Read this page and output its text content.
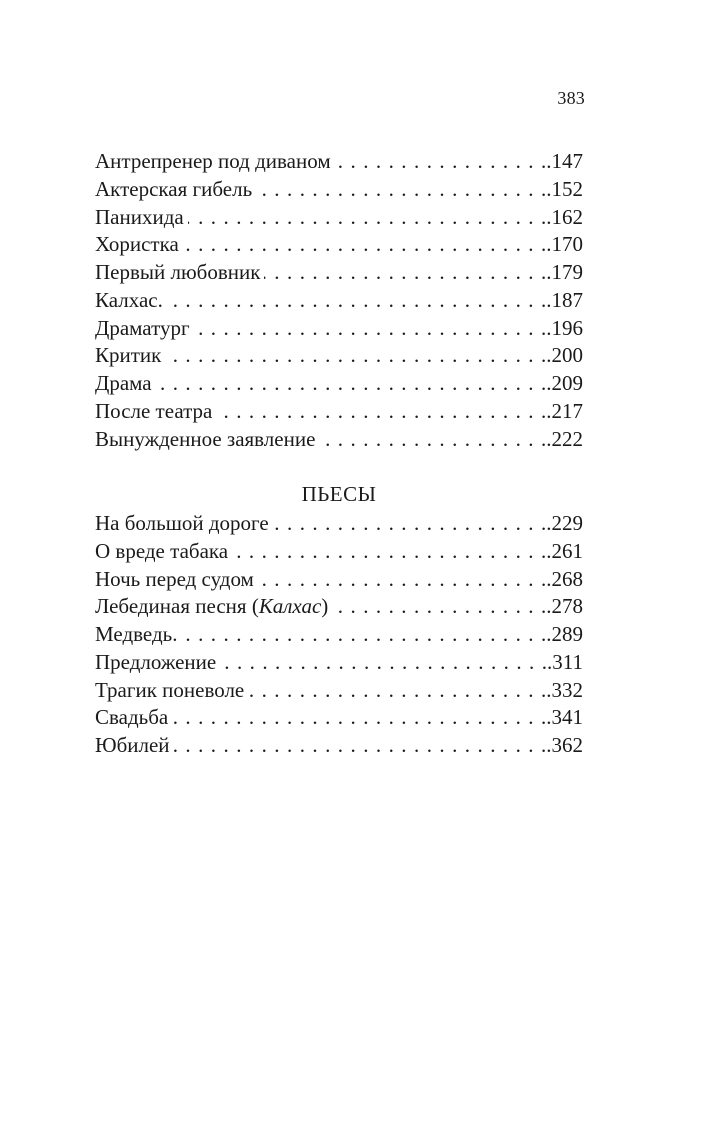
383
Антрепренер под диваном . . .	.147
Актерская гибель . . .	.152
Панихида . . .	.162
Хористка . . .	.170
Первый любовник . . .	.179
Калхас. . . .	.187
Драматург . . .	.196
Критик . . .	.200
Драма . . .	.209
После театра . . .	.217
Вынужденное заявление . . .	.222
ПЬЕСЫ
На большой дороге . . .	.229
О вреде табака . . .	.261
Ночь перед судом . . .	.268
Лебединая песня (Калхас) . . .	.278
Медведь. . . .	.289
Предложение . . .	.311
Трагик поневоле . . .	.332
Свадьба . . .	.341
Юбилей . . .	.362
